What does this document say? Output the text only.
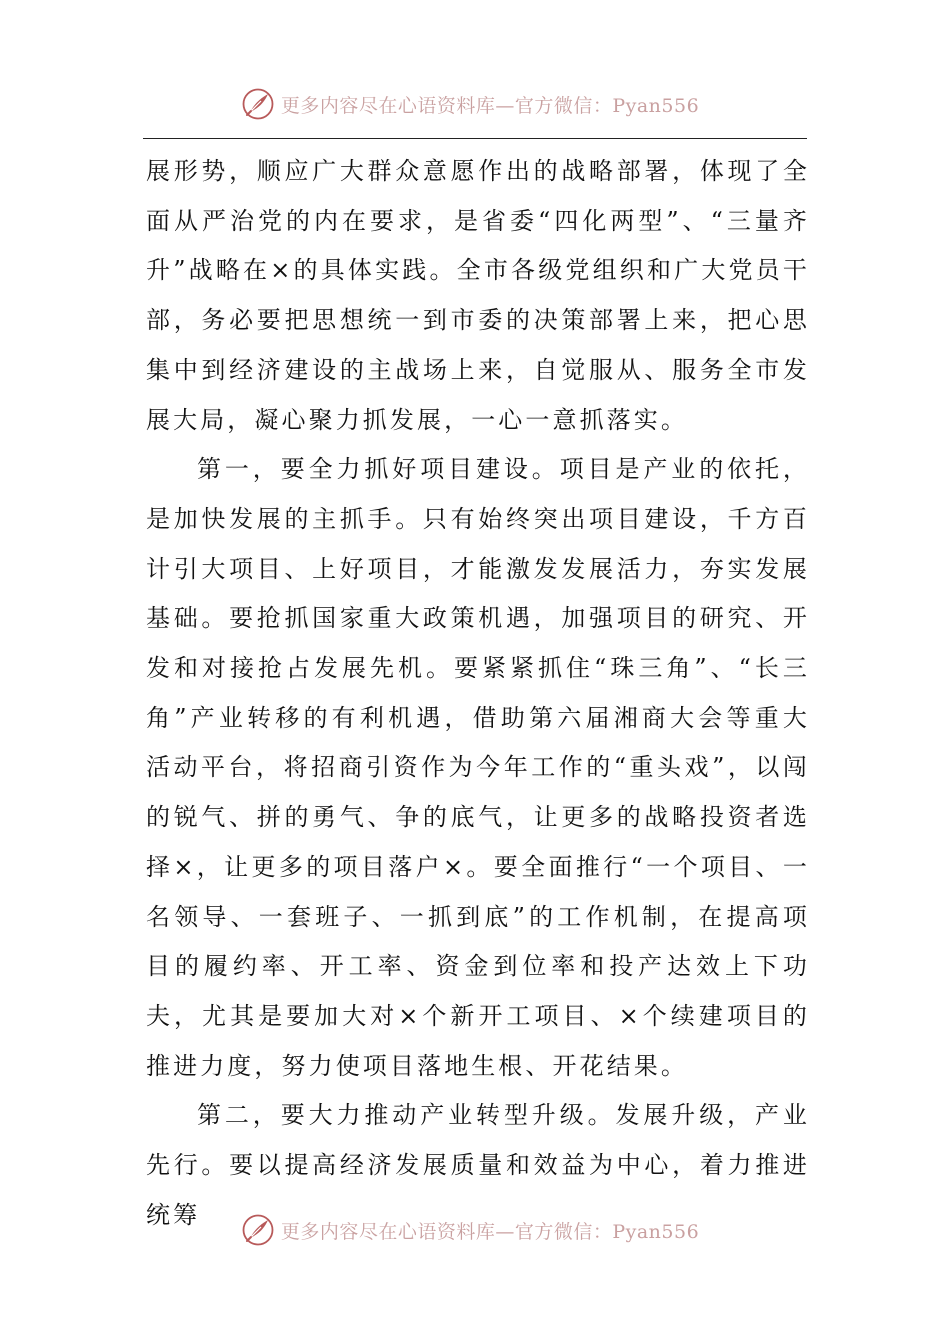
更多内容尽在心语资料库—官方微信：Pyan556

展形势，顺应广大群众意愿作出的战略部署，体现了全面从严治党的内在要求，是省委“四化两型”、“三量齐升”战略在×的具体实践。全市各级党组织和广大党员干部，务必要把思想统一到市委的决策部署上来，把心思集中到经济建设的主战场上来，自觉服从、服务全市发展大局，凝心聚力抓发展，一心一意抓落实。

第一，要全力抓好项目建设。项目是产业的依托，是加快发展的主抓手。只有始终突出项目建设，千方百计引大项目、上好项目，才能激发发展活力，夯实发展基础。要抢抓国家重大政策机遇，加强项目的研究、开发和对接抢占发展先机。要紧紧抓住“珠三角”、“长三角”产业转移的有利机遇，借助第六届湘商大会等重大活动平台，将招商引资作为今年工作的“重头戏”，以闯的锐气、拼的勇气、争的底气，让更多的战略投资者选择×，让更多的项目落户×。要全面推行“一个项目、一名领导、一套班子、一抓到底”的工作机制，在提高项目的履约率、开工率、资金到位率和投产达效上下功夫，尤其是要加大对×个新开工项目、×个续建项目的推进力度，努力使项目落地生根、开花结果。

第二，要大力推动产业转型升级。发展升级，产业先行。要以提高经济发展质量和效益为中心，着力推进统筹

更多内容尽在心语资料库—官方微信：Pyan556
